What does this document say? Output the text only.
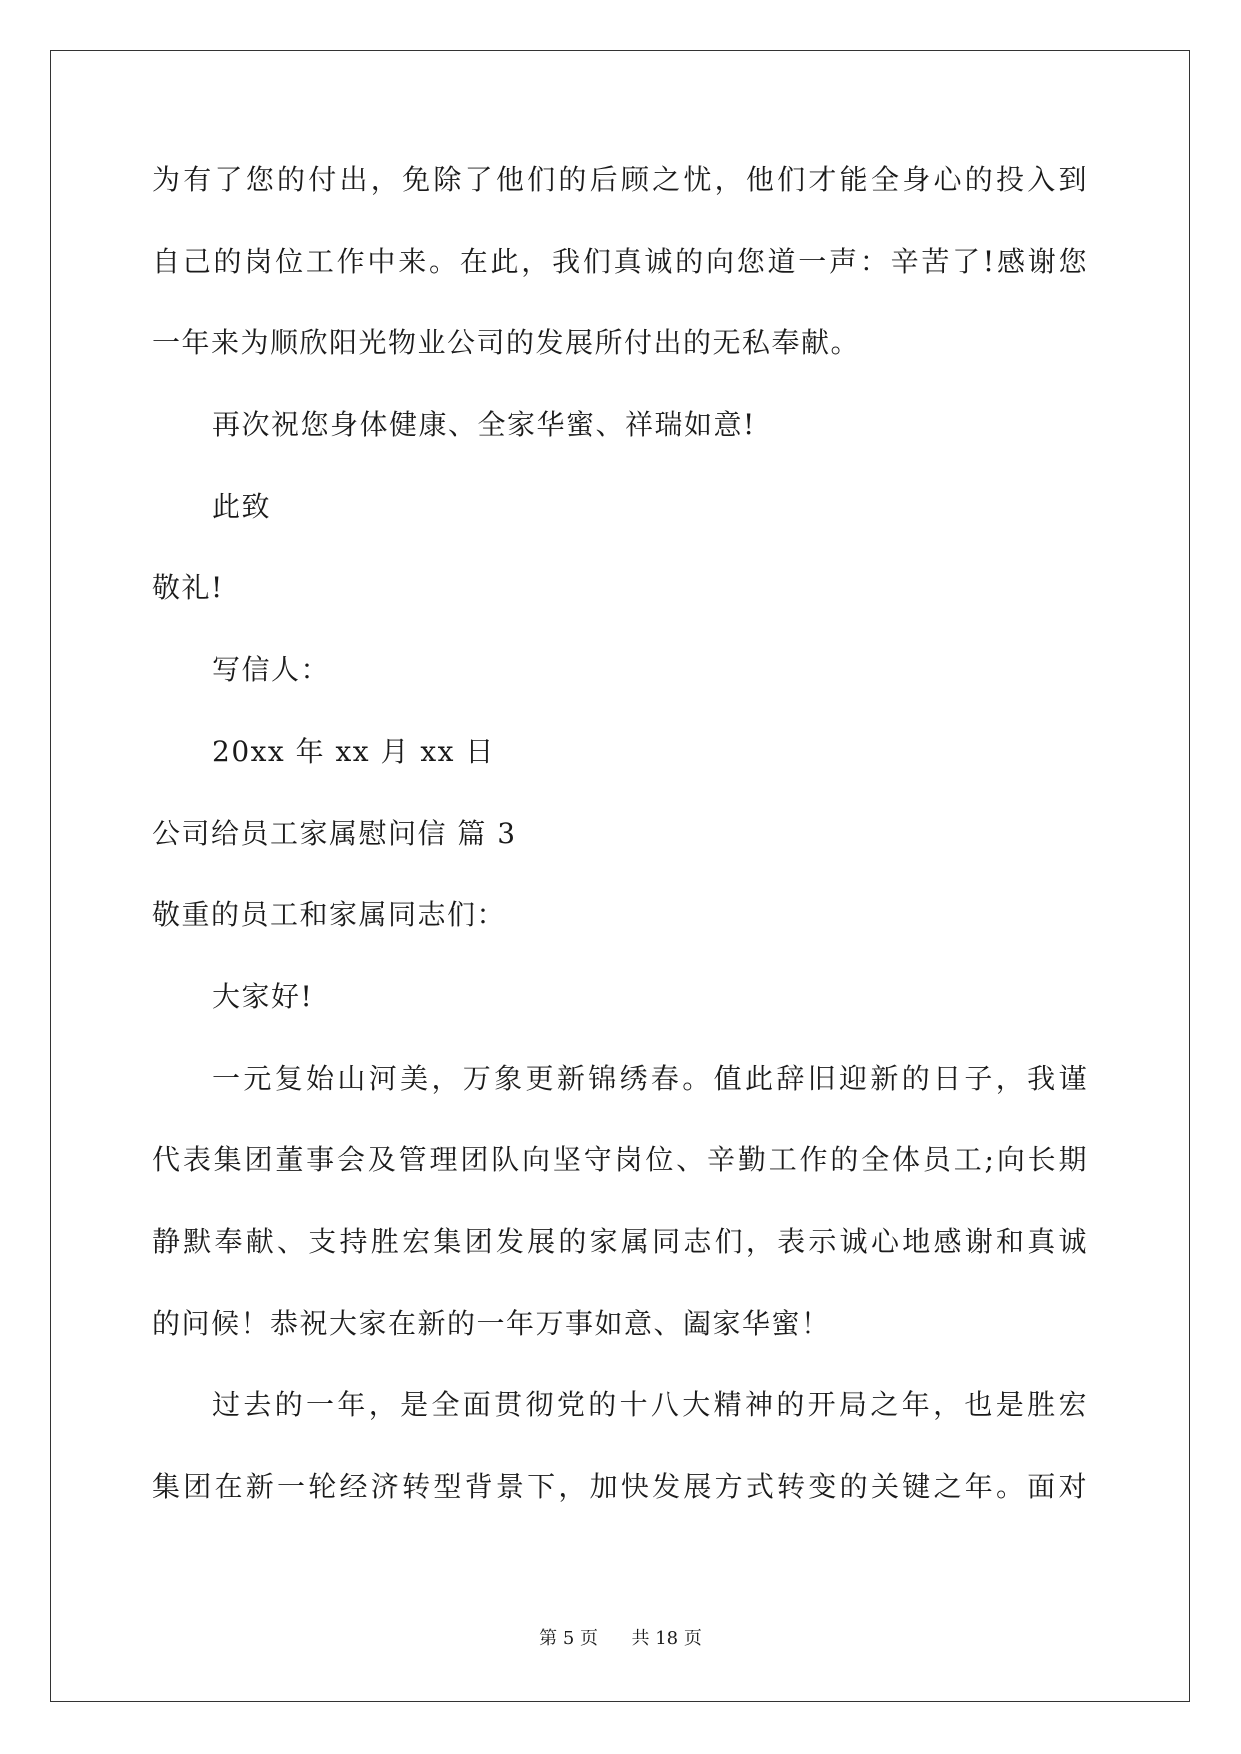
为有了您的付出，免除了他们的后顾之忧，他们才能全身心的投入到
自己的岗位工作中来。在此，我们真诚的向您道一声：辛苦了!感谢您
一年来为顺欣阳光物业公司的发展所付出的无私奉献。
再次祝您身体健康、全家华蜜、祥瑞如意!
此致
敬礼!
写信人：
20xx 年 xx 月 xx 日
公司给员工家属慰问信 篇 3
敬重的员工和家属同志们：
大家好!
一元复始山河美，万象更新锦绣春。值此辞旧迎新的日子，我谨
代表集团董事会及管理团队向坚守岗位、辛勤工作的全体员工;向长期
静默奉献、支持胜宏集团发展的家属同志们，表示诚心地感谢和真诚
的问候！恭祝大家在新的一年万事如意、阖家华蜜！
过去的一年，是全面贯彻党的十八大精神的开局之年，也是胜宏
集团在新一轮经济转型背景下，加快发展方式转变的关键之年。面对
第 5 页 共 18 页
